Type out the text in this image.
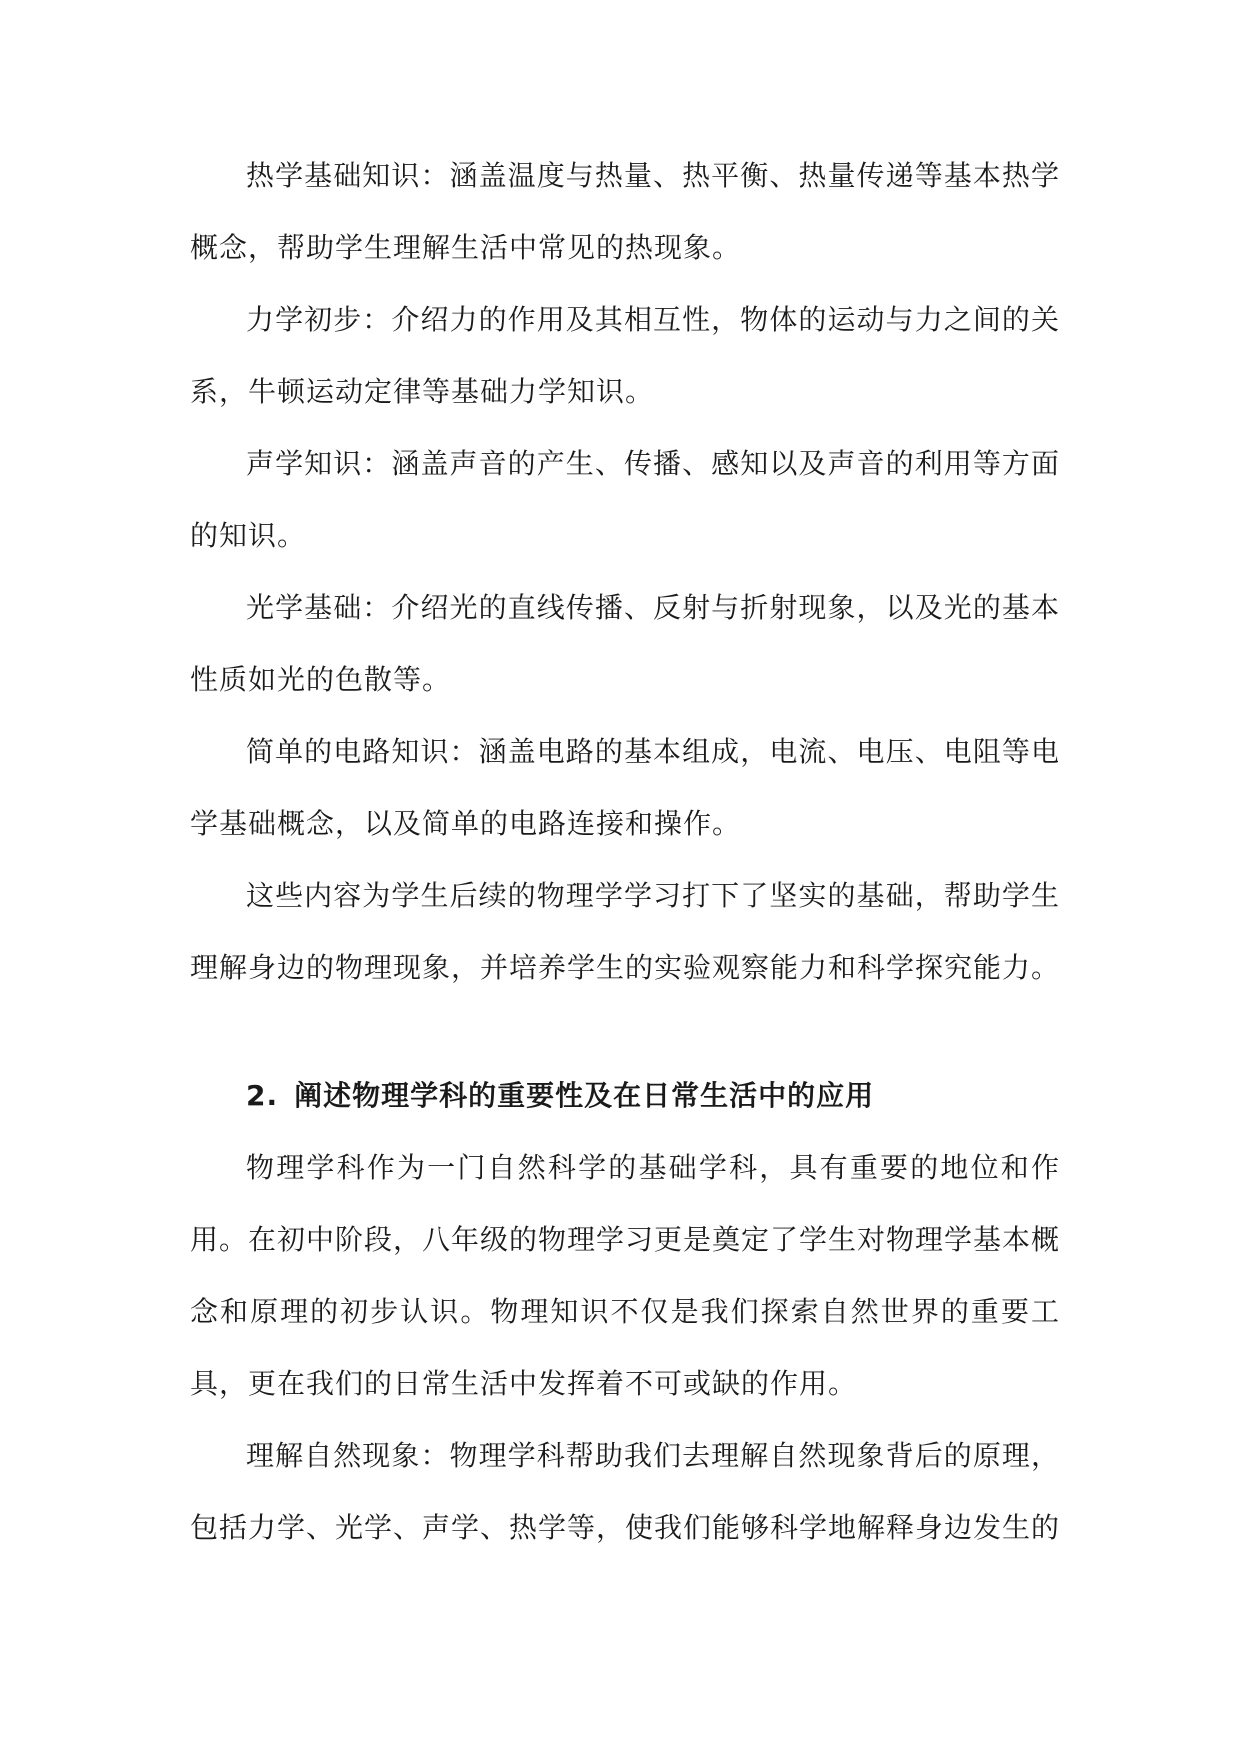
热学基础知识：涵盖温度与热量、热平衡、热量传递等基本热学概念，帮助学生理解生活中常见的热现象。

力学初步：介绍力的作用及其相互性，物体的运动与力之间的关系，牛顿运动定律等基础力学知识。

声学知识：涵盖声音的产生、传播、感知以及声音的利用等方面的知识。

光学基础：介绍光的直线传播、反射与折射现象，以及光的基本性质如光的色散等。

简单的电路知识：涵盖电路的基本组成，电流、电压、电阻等电学基础概念，以及简单的电路连接和操作。

这些内容为学生后续的物理学学习打下了坚实的基础，帮助学生理解身边的物理现象，并培养学生的实验观察能力和科学探究能力。

2. 阐述物理学科的重要性及在日常生活中的应用

物理学科作为一门自然科学的基础学科，具有重要的地位和作用。在初中阶段，八年级的物理学习更是奠定了学生对物理学基本概念和原理的初步认识。物理知识不仅是我们探索自然世界的重要工具，更在我们的日常生活中发挥着不可或缺的作用。

理解自然现象：物理学科帮助我们去理解自然现象背后的原理，包括力学、光学、声学、热学等，使我们能够科学地解释身边发生的
